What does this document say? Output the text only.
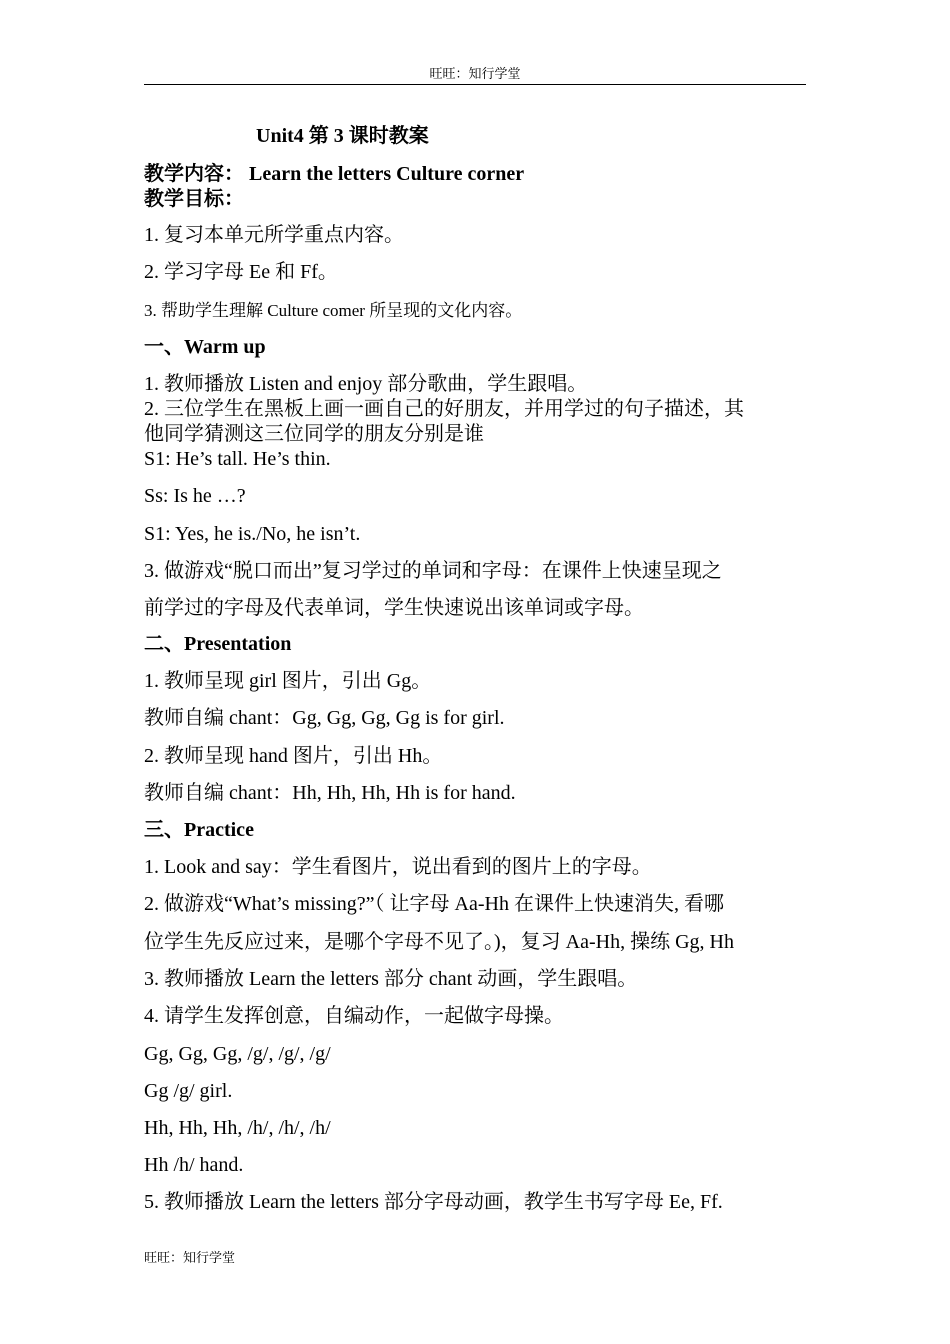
旺旺：知行学堂
Unit4 第 3 课时教案
教学内容： Learn the letters Culture corner
教学目标：
1. 复习本单元所学重点内容。
2. 学习字母 Ee 和 Ff。
3. 帮助学生理解 Culture comer 所呈现的文化内容。
一、Warm up
1. 教师播放 Listen and enjoy 部分歌曲，学生跟唱。
2. 三位学生在黑板上画一画自己的好朋友，并用学过的句子描述，其
他同学猜测这三位同学的朋友分别是谁
S1: He’s tall. He’s thin.
Ss: Is he …?
S1: Yes, he is./No, he isn’t.
3. 做游戏“脱口而出”复习学过的单词和字母：在课件上快速呈现之
前学过的字母及代表单词，学生快速说出该单词或字母。
二、Presentation
1. 教师呈现 girl 图片，引出 Gg。
教师自编 chant：Gg, Gg, Gg, Gg is for girl.
2. 教师呈现 hand 图片，引出 Hh。
教师自编 chant：Hh, Hh, Hh, Hh is for hand.
三、Practice
1. Look and say：学生看图片，说出看到的图片上的字母。
2. 做游戏“What’s missing?”（ 让字母 Aa-Hh 在课件上快速消失, 看哪
位学生先反应过来，是哪个字母不见了。)，复习 Aa-Hh, 操练 Gg, Hh
3. 教师播放 Learn the letters 部分 chant 动画，学生跟唱。
4. 请学生发挥创意，自编动作，一起做字母操。
Gg, Gg, Gg, /g/, /g/, /g/
Gg /g/ girl.
Hh, Hh, Hh, /h/, /h/, /h/
Hh /h/ hand.
5. 教师播放 Learn the letters 部分字母动画，教学生书写字母 Ee, Ff.
旺旺：知行学堂
